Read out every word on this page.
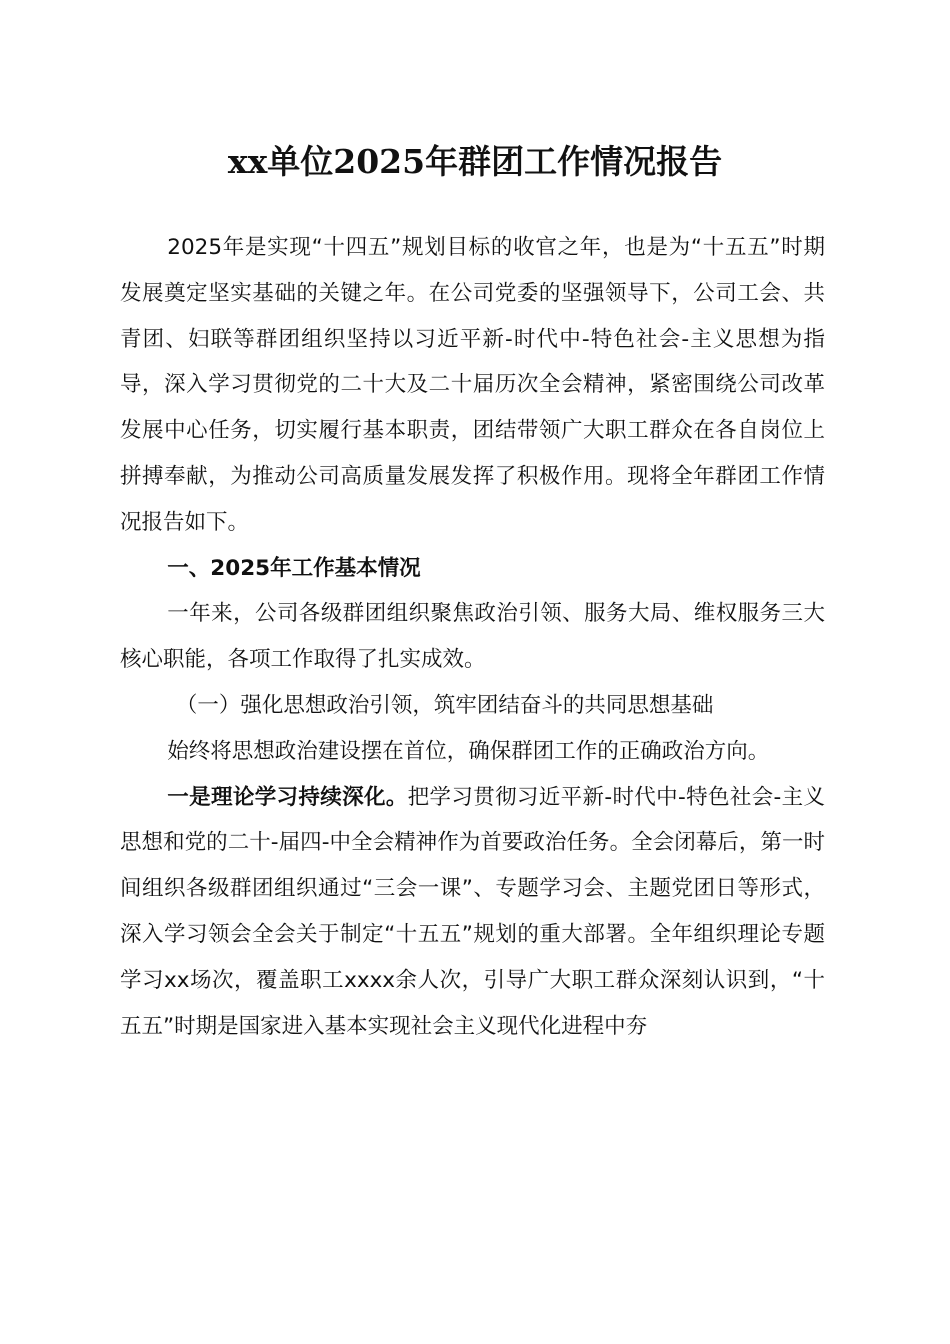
xx单位2025年群团工作情况报告

2025年是实现“十四五”规划目标的收官之年，也是为“十五五”时期发展奠定坚实基础的关键之年。在公司党委的坚强领导下，公司工会、共青团、妇联等群团组织坚持以习近平新-时代中-特色社会-主义思想为指导，深入学习贯彻党的二十大及二十届历次全会精神，紧密围绕公司改革发展中心任务，切实履行基本职责，团结带领广大职工群众在各自岗位上拼搏奉献，为推动公司高质量发展发挥了积极作用。现将全年群团工作情况报告如下。

一、2025年工作基本情况

一年来，公司各级群团组织聚焦政治引领、服务大局、维权服务三大核心职能，各项工作取得了扎实成效。

（一）强化思想政治引领，筑牢团结奋斗的共同思想基础

始终将思想政治建设摆在首位，确保群团工作的正确政治方向。

一是理论学习持续深化。把学习贯彻习近平新-时代中-特色社会-主义思想和党的二十-届四-中全会精神作为首要政治任务。全会闭幕后，第一时间组织各级群团组织通过“三会一课”、专题学习会、主题党团日等形式，深入学习领会全会关于制定“十五五”规划的重大部署。全年组织理论专题学习xx场次，覆盖职工xxxx余人次，引导广大职工群众深刻认识到，“十五五”时期是国家进入基本实现社会主义现代化进程中夯
